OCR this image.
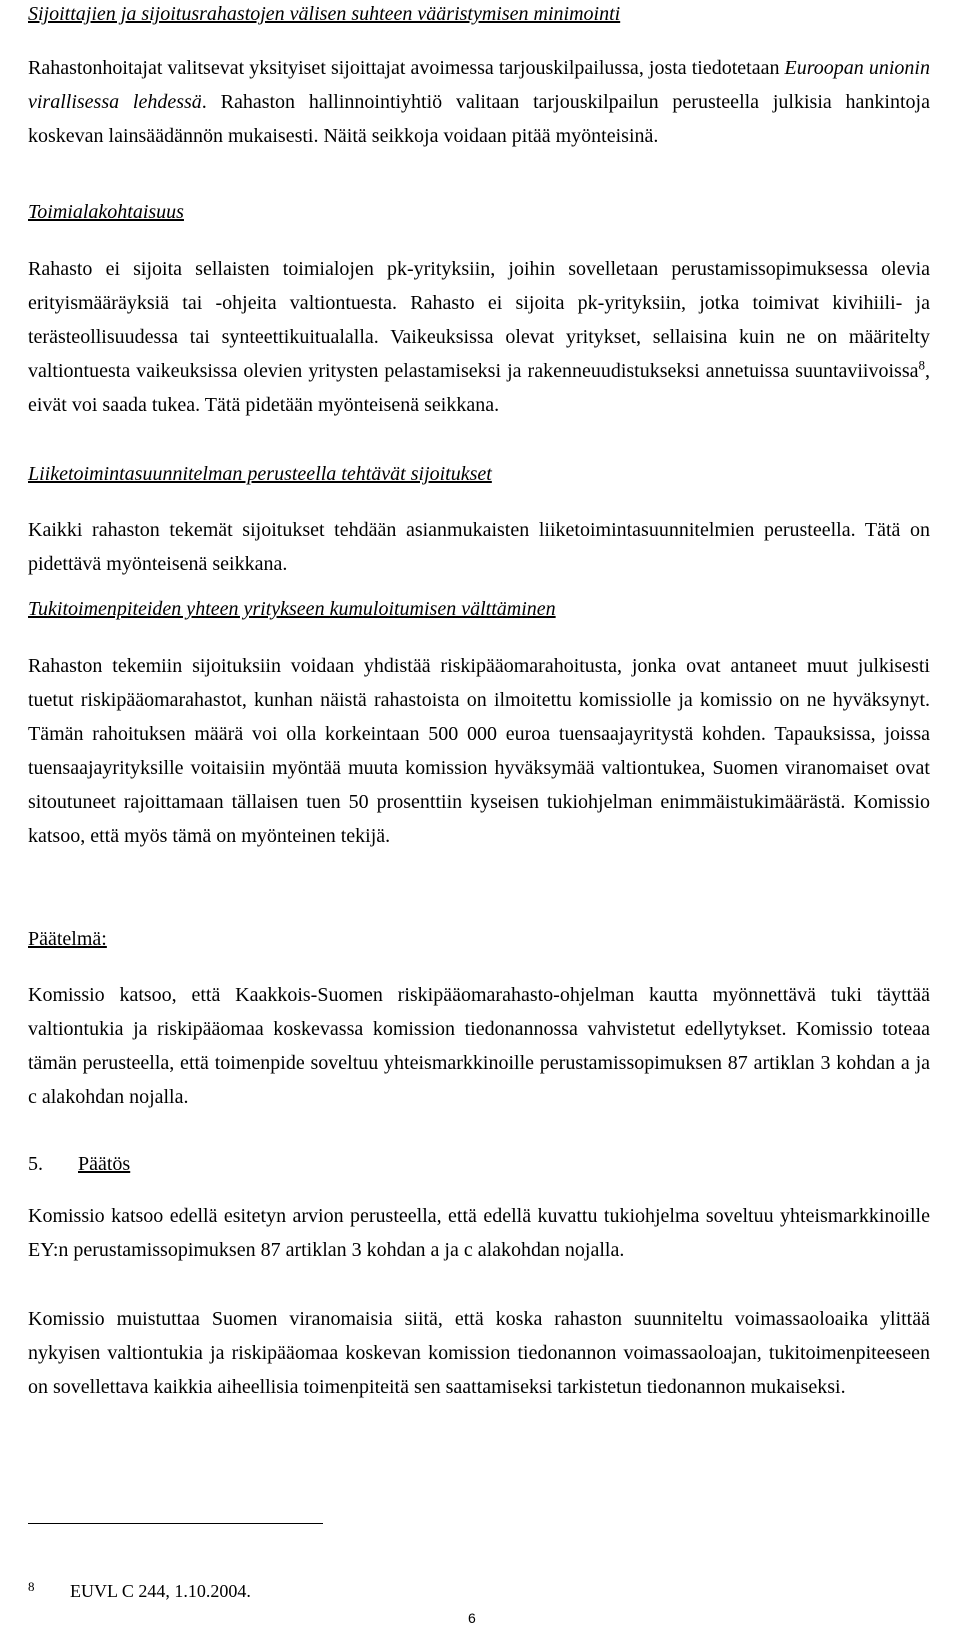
Sijoittajien ja sijoitusrahastojen välisen suhteen vääristymisen minimointi

Rahastonhoitajat valitsevat yksityiset sijoittajat avoimessa tarjouskilpailussa, josta tiedotetaan Euroopan unionin virallisessa lehdessä. Rahaston hallinnointiyhtiö valitaan tarjouskilpailun perusteella julkisia hankintoja koskevan lainsäädännön mukaisesti. Näitä seikkoja voidaan pitää myönteisinä.

Toimialakohtaisuus

Rahasto ei sijoita sellaisten toimialojen pk-yrityksiin, joihin sovelletaan perustamissopimuksessa olevia erityismääräyksiä tai -ohjeita valtiontuesta. Rahasto ei sijoita pk-yrityksiin, jotka toimivat kivihiili- ja terästeollisuudessa tai synteettikuitualalla. Vaikeuksissa olevat yritykset, sellaisina kuin ne on määritelty valtiontuesta vaikeuksissa olevien yritysten pelastamiseksi ja rakenneuudistukseksi annetuissa suuntaviivoissa$^8$, eivät voi saada tukea. Tätä pidetään myönteisenä seikkana.

Liiketoimintasuunnitelman perusteella tehtävät sijoitukset

Kaikki rahaston tekemät sijoitukset tehdään asianmukaisten liiketoimintasuunnitelmien perusteella. Tätä on pidettävä myönteisenä seikkana.

Tukitoimenpiteiden yhteen yritykseen kumuloitumisen välttäminen

Rahaston tekemiin sijoituksiin voidaan yhdistää riskipääomarahoitusta, jonka ovat antaneet muut julkisesti tuetut riskipääomarahastot, kunhan näistä rahastoista on ilmoitettu komissiolle ja komissio on ne hyväksynyt. Tämän rahoituksen määrä voi olla korkeintaan 500 000 euroa tuensaajayritystä kohden. Tapauksissa, joissa tuensaajayrityksille voitaisiin myöntää muuta komission hyväksymää valtiontukea, Suomen viranomaiset ovat sitoutuneet rajoittamaan tällaisen tuen 50 prosenttiin kyseisen tukiohjelman enimmäistukimäärästä. Komissio katsoo, että myös tämä on myönteinen tekijä.

Päätelmä:

Komissio katsoo, että Kaakkois-Suomen riskipääomarahasto-ohjelman kautta myönnettävä tuki täyttää valtiontukia ja riskipääomaa koskevassa komission tiedonannossa vahvistetut edellytykset. Komissio toteaa tämän perusteella, että toimenpide soveltuu yhteismarkkinoille perustamissopimuksen 87 artiklan 3 kohdan a ja c alakohdan nojalla.

5. Päätös

Komissio katsoo edellä esitetyn arvion perusteella, että edellä kuvattu tukiohjelma soveltuu yhteismarkkinoille EY:n perustamissopimuksen 87 artiklan 3 kohdan a ja c alakohdan nojalla.

Komissio muistuttaa Suomen viranomaisia siitä, että koska rahaston suunniteltu voimassaoloaika ylittää nykyisen valtiontukia ja riskipääomaa koskevan komission tiedonannon voimassaoloajan, tukitoimenpiteeseen on sovellettava kaikkia aiheellisia toimenpiteitä sen saattamiseksi tarkistetun tiedonannon mukaiseksi.

8 EUVL C 244, 1.10.2004.
6
